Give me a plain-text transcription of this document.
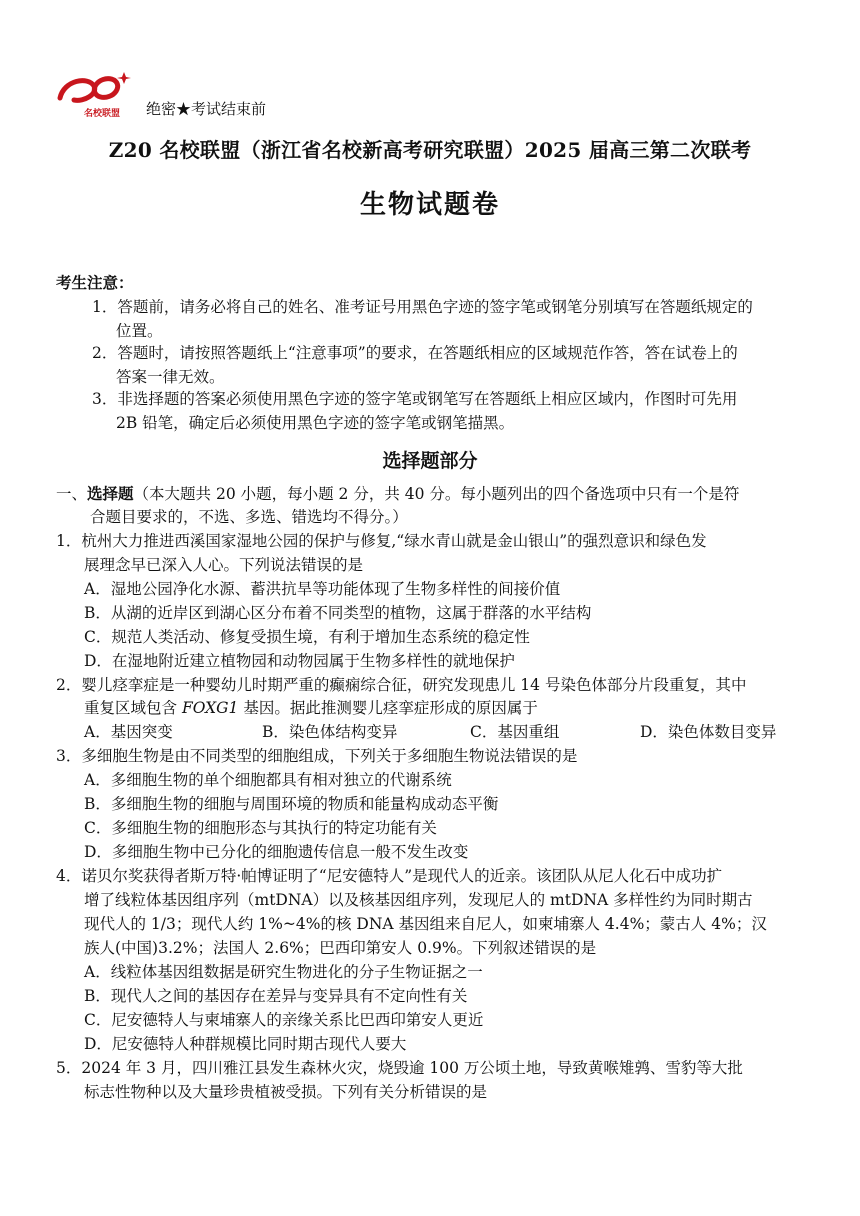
名校联盟 绝密★考试结束前
Z20 名校联盟（浙江省名校新高考研究联盟）2025 届高三第二次联考
生物试题卷
考生注意：
1．答题前，请务必将自己的姓名、准考证号用黑色字迹的签字笔或钢笔分别填写在答题纸规定的
位置。
2．答题时，请按照答题纸上“注意事项”的要求，在答题纸相应的区域规范作答，答在试卷上的
答案一律无效。
3．非选择题的答案必须使用黑色字迹的签字笔或钢笔写在答题纸上相应区域内，作图时可先用
2B 铅笔，确定后必须使用黑色字迹的签字笔或钢笔描黑。
选择题部分
一、选择题（本大题共 20 小题，每小题 2 分，共 40 分。每小题列出的四个备选项中只有一个是符
合题目要求的，不选、多选、错选均不得分。）
1．杭州大力推进西溪国家湿地公园的保护与修复,“绿水青山就是金山银山”的强烈意识和绿色发
展理念早已深入人心。下列说法错误的是
A．湿地公园净化水源、蓄洪抗旱等功能体现了生物多样性的间接价值
B．从湖的近岸区到湖心区分布着不同类型的植物，这属于群落的水平结构
C．规范人类活动、修复受损生境，有利于增加生态系统的稳定性
D．在湿地附近建立植物园和动物园属于生物多样性的就地保护
2．婴儿痉挛症是一种婴幼儿时期严重的癫痫综合征，研究发现患儿 14 号染色体部分片段重复，其中
重复区域包含 FOXG1 基因。据此推测婴儿痉挛症形成的原因属于
A．基因突变	B．染色体结构变异	C．基因重组	D．染色体数目变异
3．多细胞生物是由不同类型的细胞组成，下列关于多细胞生物说法错误的是
A．多细胞生物的单个细胞都具有相对独立的代谢系统
B．多细胞生物的细胞与周围环境的物质和能量构成动态平衡
C．多细胞生物的细胞形态与其执行的特定功能有关
D．多细胞生物中已分化的细胞遗传信息一般不发生改变
4．诺贝尔奖获得者斯万特·帕博证明了“尼安德特人”是现代人的近亲。该团队从尼人化石中成功扩
增了线粒体基因组序列（mtDNA）以及核基因组序列，发现尼人的 mtDNA 多样性约为同时期古
现代人的 1/3；现代人约 1%~4%的核 DNA 基因组来自尼人，如柬埔寨人 4.4%；蒙古人 4%；汉
族人(中国)3.2%；法国人 2.6%；巴西印第安人 0.9%。下列叙述错误的是
A．线粒体基因组数据是研究生物进化的分子生物证据之一
B．现代人之间的基因存在差异与变异具有不定向性有关
C．尼安德特人与柬埔寨人的亲缘关系比巴西印第安人更近
D．尼安德特人种群规模比同时期古现代人要大
5．2024 年 3 月，四川雅江县发生森林火灾，烧毁逾 100 万公顷土地，导致黄喉雉鹑、雪豹等大批
标志性物种以及大量珍贵植被受损。下列有关分析错误的是
